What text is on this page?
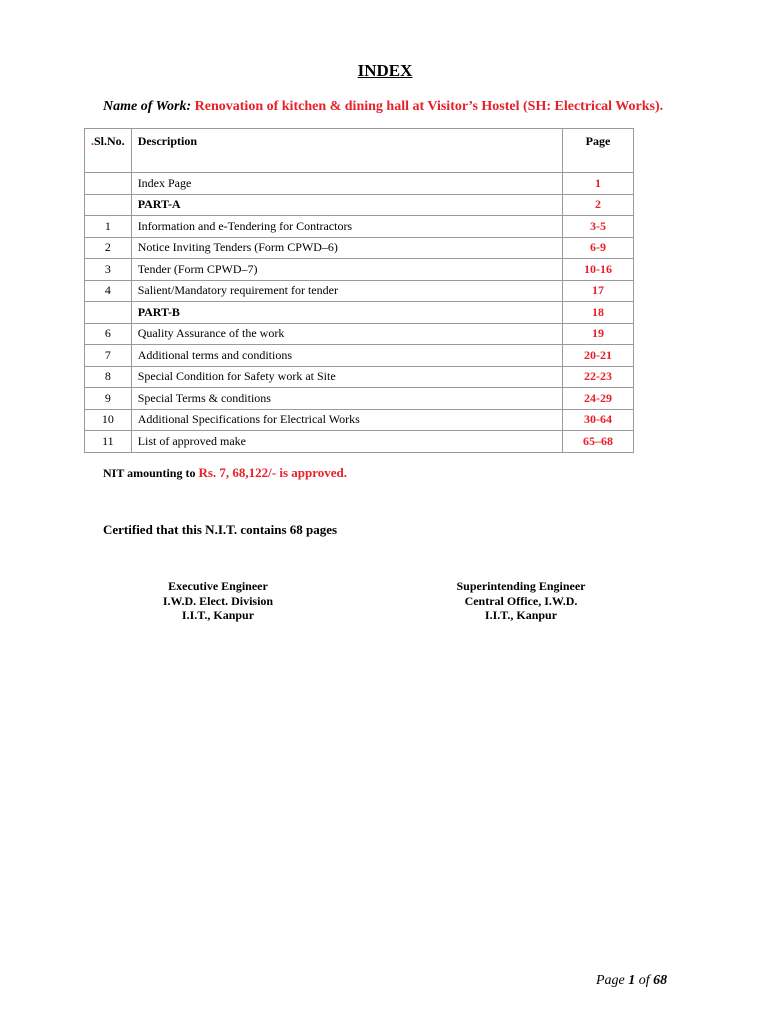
INDEX
Name of Work: Renovation of kitchen & dining hall at Visitor’s Hostel (SH: Electrical Works).
.Sl.No.	Description	Page
	Index Page	1
	PART-A	2
1	Information and e-Tendering for Contractors	3-5
2	Notice Inviting Tenders (Form CPWD–6)	6-9
3	Tender (Form CPWD–7)	10-16
4	Salient/Mandatory requirement for tender	17
	PART-B	18
6	Quality Assurance of the work	19
7	Additional terms and conditions	20-21
8	Special Condition for Safety work at Site	22-23
9	Special Terms & conditions	24-29
10	Additional Specifications for Electrical Works	30-64
11	List of approved make	65–68
NIT amounting to Rs. 7, 68,122/- is approved.
Certified that this N.I.T. contains 68 pages
Executive Engineer
I.W.D. Elect. Division
I.I.T., Kanpur
Superintending Engineer
Central Office, I.W.D.
I.I.T., Kanpur
Page 1 of 68
